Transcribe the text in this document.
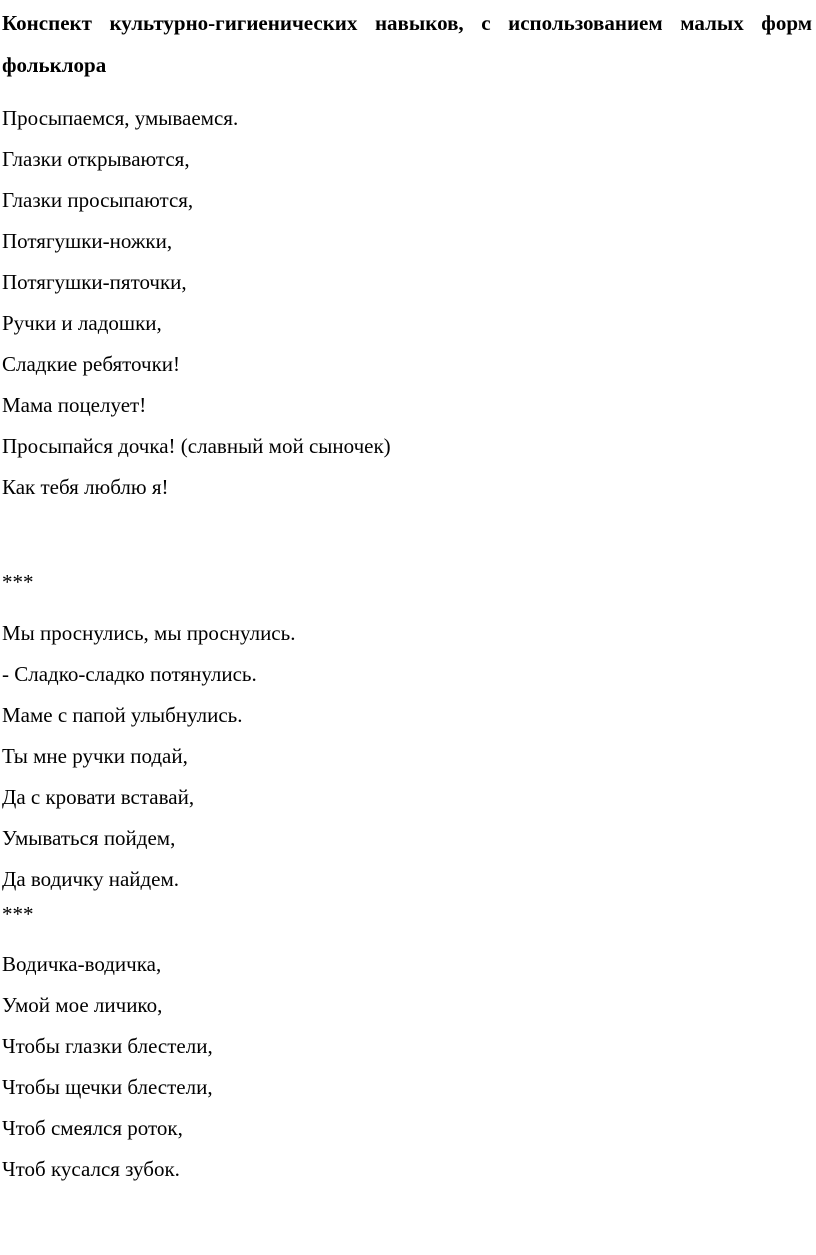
Конспект культурно-гигиенических навыков, с использованием малых форм фольклора

Просыпаемся, умываемся.

Глазки открываются,

Глазки просыпаются,

Потягушки-ножки,

Потягушки-пяточки,

Ручки и ладошки,

Сладкие ребяточки!

Мама поцелует!

Просыпайся дочка! (славный мой сыночек)

Как тебя люблю я!

***

Мы проснулись, мы проснулись.

- Сладко-сладко потянулись.

Маме с папой улыбнулись.

Ты мне ручки подай,

Да с кровати вставай,

Умываться пойдем,

Да водичку найдем.

***

Водичка-водичка,

Умой мое личико,

Чтобы глазки блестели,

Чтобы щечки блестели,

Чтоб смеялся роток,

Чтоб кусался зубок.
